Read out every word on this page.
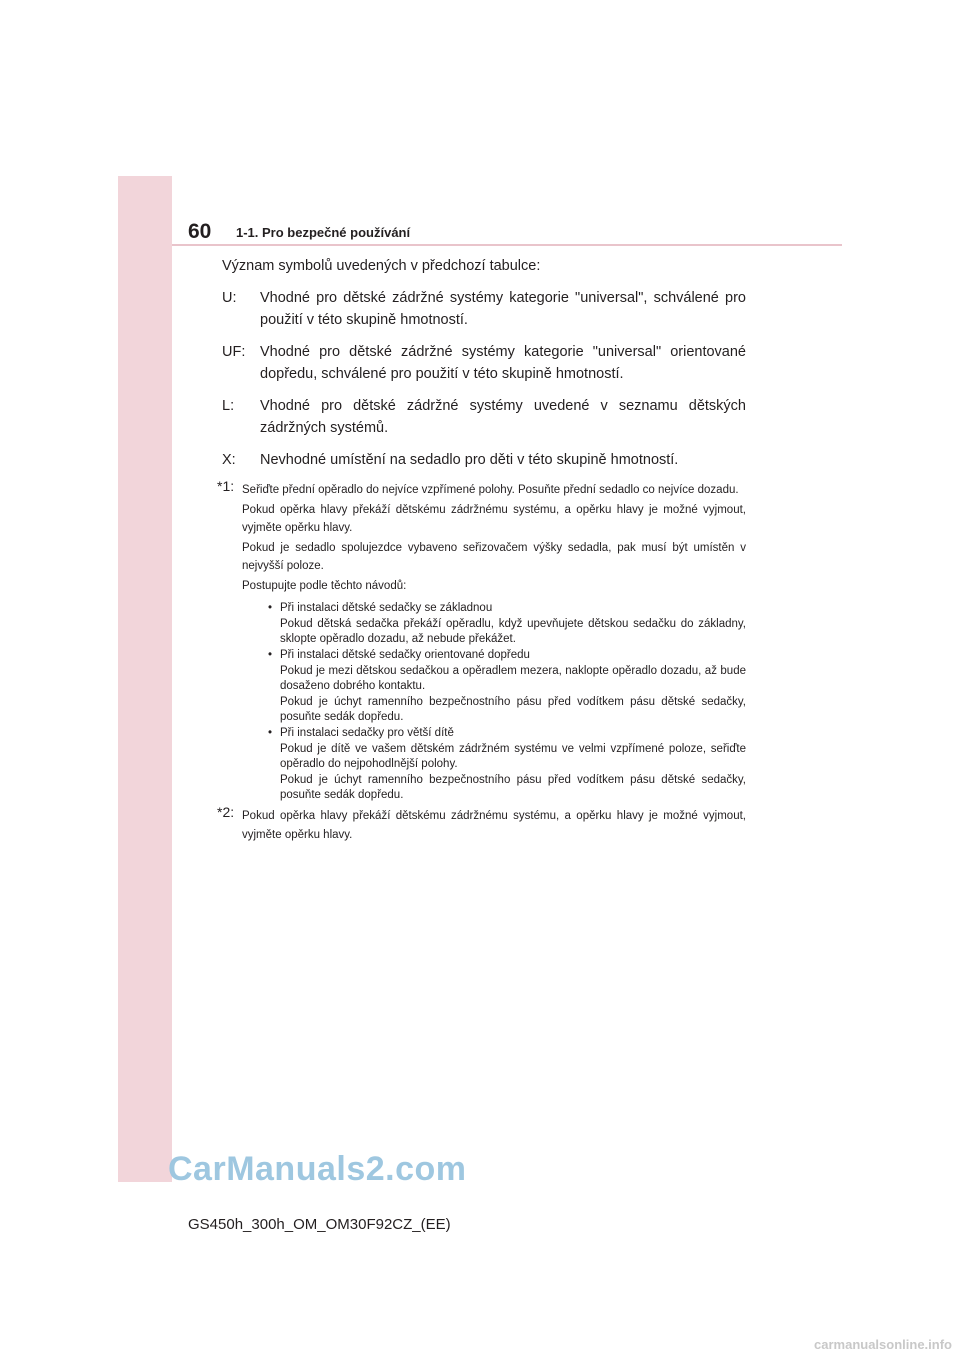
60 1-1. Pro bezpečné používání

Význam symbolů uvedených v předchozí tabulce:

U: Vhodné pro dětské zádržné systémy kategorie "universal", schválené pro použití v této skupině hmotností.
UF: Vhodné pro dětské zádržné systémy kategorie "universal" orientované dopředu, schválené pro použití v této skupině hmotností.
L: Vhodné pro dětské zádržné systémy uvedené v seznamu dětských zádržných systémů.
X: Nevhodné umístění na sedadlo pro děti v této skupině hmotností.
*1: Seřiďte přední opěradlo do nejvíce vzpřímené polohy. Posuňte přední sedadlo co nejvíce dozadu.

Pokud opěrka hlavy překáží dětskému zádržnému systému, a opěrku hlavy je možné vyjmout, vyjměte opěrku hlavy.

Pokud je sedadlo spolujezdce vybaveno seřizovačem výšky sedadla, pak musí být umístěn v nejvyšší poloze.

Postupujte podle těchto návodů:

• Při instalaci dětské sedačky se základnou

Pokud dětská sedačka překáží opěradlu, když upevňujete dětskou sedačku do základny, sklopte opěradlo dozadu, až nebude překážet.

• Při instalaci dětské sedačky orientované dopředu

Pokud je mezi dětskou sedačkou a opěradlem mezera, naklopte opěradlo dozadu, až bude dosaženo dobrého kontaktu.

Pokud je úchyt ramenního bezpečnostního pásu před vodítkem pásu dětské sedačky, posuňte sedák dopředu.

• Při instalaci sedačky pro větší dítě

Pokud je dítě ve vašem dětském zádržném systému ve velmi vzpřímené poloze, seřiďte opěradlo do nejpohodlnější polohy.

Pokud je úchyt ramenního bezpečnostního pásu před vodítkem pásu dětské sedačky, posuňte sedák dopředu.

*2: Pokud opěrka hlavy překáží dětskému zádržnému systému, a opěrku hlavy je možné vyjmout, vyjměte opěrku hlavy.

CarManuals2.com
GS450h_300h_OM_OM30F92CZ_(EE)
carmanualsonline.info
